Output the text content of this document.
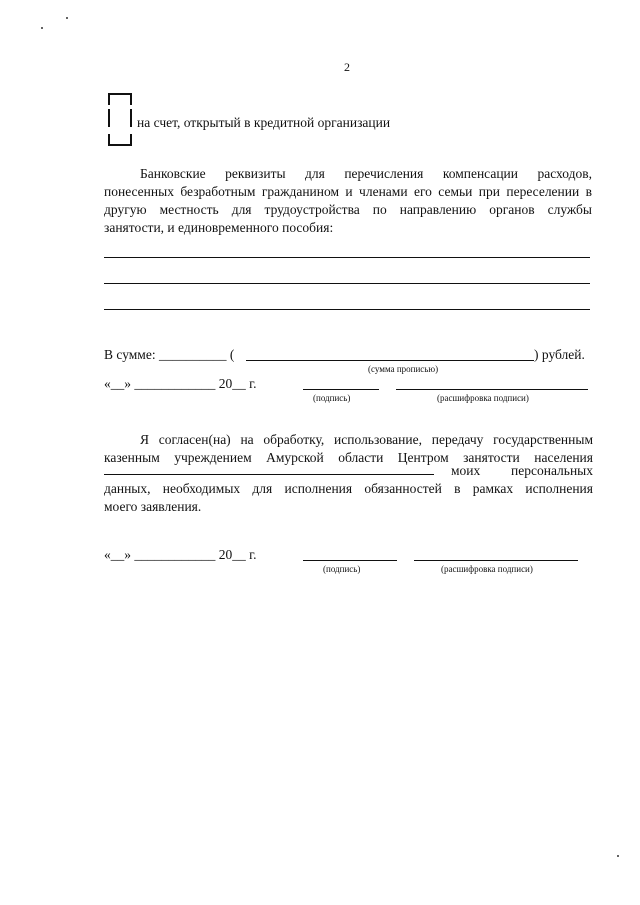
2
на счет, открытый в кредитной организации
Банковские реквизиты для перечисления компенсации расходов,
понесенных безработным гражданином и членами его семьи при переселении в
другую местность для трудоустройства по направлению органов службы
занятости, и единовременного пособия:
В сумме: __________ (	) рублей.
(сумма прописью)
«__» ____________ 20__ г.
(подпись)	(расшифровка подписи)
Я согласен(на) на обработку, использование, передачу государственным
казенным учреждением Амурской области Центром занятости населения
моих персональных
данных, необходимых для исполнения обязанностей в рамках исполнения
моего заявления.
«__» ____________ 20__ г.
(подпись)	(расшифровка подписи)
